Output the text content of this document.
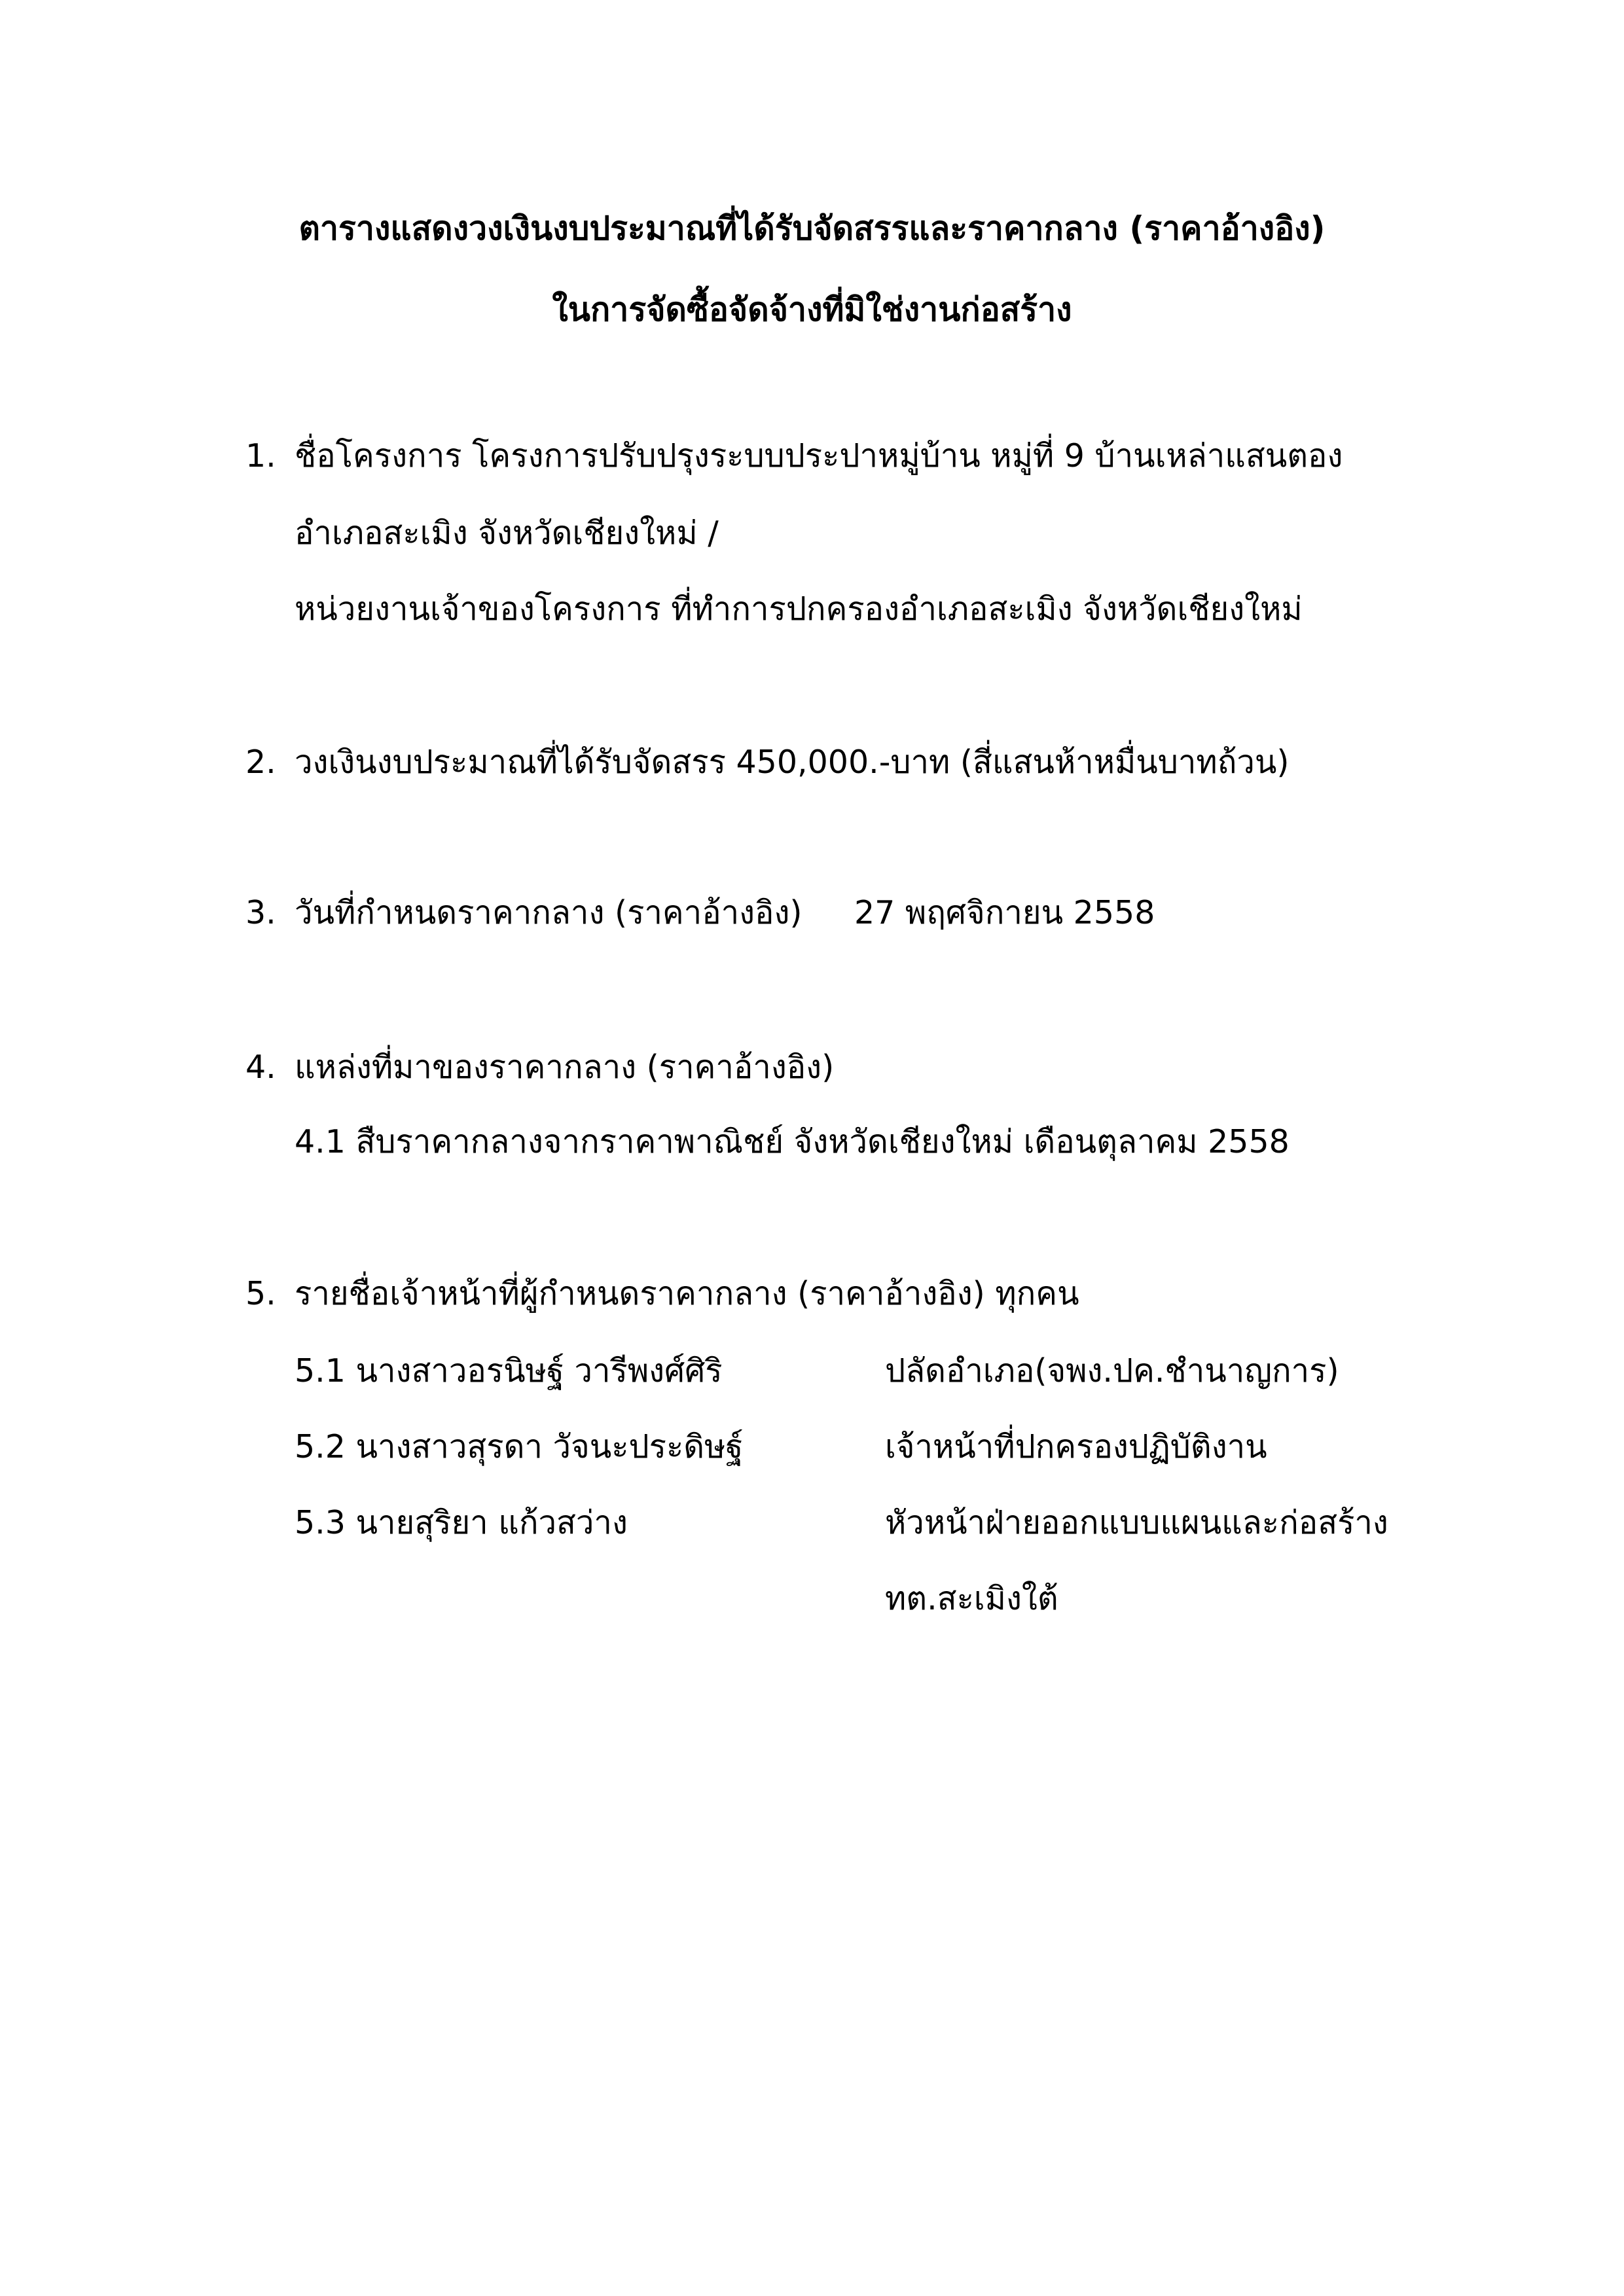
ตารางแสดงวงเงินงบประมาณที่ได้รับจัดสรรและราคากลาง (ราคาอ้างอิง)
ในการจัดซื้อจัดจ้างที่มิใช่งานก่อสร้าง
1. ชื่อโครงการ โครงการปรับปรุงระบบประปาหมู่บ้าน หมู่ที่ 9 บ้านเหล่าแสนตอง
อำเภอสะเมิง จังหวัดเชียงใหม่ /
หน่วยงานเจ้าของโครงการ ที่ทำการปกครองอำเภอสะเมิง จังหวัดเชียงใหม่
2. วงเงินงบประมาณที่ได้รับจัดสรร 450,000.-บาท (สี่แสนห้าหมื่นบาทถ้วน)
3. วันที่กำหนดราคากลาง (ราคาอ้างอิง) 27 พฤศจิกายน 2558
4. แหล่งที่มาของราคากลาง (ราคาอ้างอิง)
4.1 สืบราคากลางจากราคาพาณิชย์ จังหวัดเชียงใหม่ เดือนตุลาคม 2558
5. รายชื่อเจ้าหน้าที่ผู้กำหนดราคากลาง (ราคาอ้างอิง) ทุกคน
5.1 นางสาวอรนิษฐ์ วารีพงศ์ศิริ	ปลัดอำเภอ(จพง.ปค.ชำนาญการ)
5.2 นางสาวสุรดา วัจนะประดิษฐ์	เจ้าหน้าที่ปกครองปฏิบัติงาน
5.3 นายสุริยา แก้วสว่าง	หัวหน้าฝ่ายออกแบบแผนและก่อสร้าง
ทต.สะเมิงใต้
